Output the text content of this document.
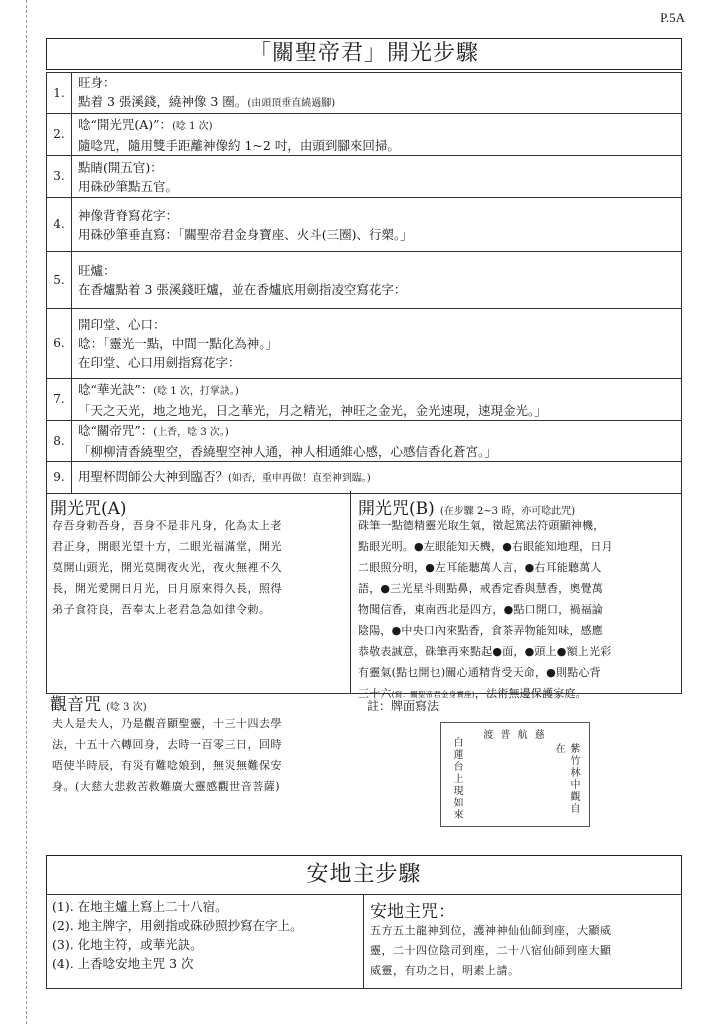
P.5A
「關聖帝君」開光步驟
1.	旺身：
點着 3 張溪錢，繞神像 3 圈。(由頭頂垂直繞過腳)

2.	唸“開光咒(A)”：(唸 1 次)
隨唸咒，隨用雙手距離神像約 1~2 吋，由頭到腳來回掃。

3.	點睛(開五官)：
用硃砂筆點五官。

4.	神像背脊寫花字：
用硃砂筆垂直寫：「關聖帝君金身寶座、火斗(三圈)、行槊。」

5.	旺爐：
在香爐點着 3 張溪錢旺爐，並在香爐底用劍指凌空寫花字：

6.	開印堂、心口：
唸：「靈光一點，中間一點化為神。」
在印堂、心口用劍指寫花字：

7.	唸“華光訣”：(唸 1 次，打掌訣。)
「天之天光，地之地光，日之華光，月之精光，神旺之金光，金光速現，速現金光。」

8.	唸“關帝咒”：(上香，唸 3 次。)
「柳柳清香繞聖空，香繞聖空神人通，神人相通維心感，心感信香化蒼宮。」

9.	用聖杯問師公大神到臨否？(如否，重申再做！直至神到臨。)
開光咒(A)
存吾身勅吾身，吾身不是非凡身，化為太上老
君正身，開眼光望十方，二眼光福滿堂，開光
莫開山頭光，開光莫開夜火光，夜火無裡不久
長，開光愛開日月光，日月原來得久長，照得
弟子食符良，吾奉太上老君急急如律令勅。
開光咒(B) (在步驟 2~3 時，亦可唸此咒)
硃筆一點德精靈光取生氣，徵起篤法符頭顯神機，
點眼光明。●左眼能知天機，●右眼能知地理，日月
二眼照分明，●左耳能聽萬人言，●右耳能聽萬人
語，●三光星斗則點鼻，戒香定香與慧香，奧覺萬
物聞信香，東南西北是四方，●點口開口，禍福論
陰陽，●中央口內來點香，食茶弄物能知味，感應
恭敬表誠意，硃筆再來點起●面，●頭上●額上光彩
有靈氣(點乜開乜)關心通精背受天命，●則點心背
三十六(寫：關聖帝君金身寶座)，法術無邊保護家庭。
觀音咒 (唸 3 次)
夫人是夫人，乃是觀音顯聖靈，十三十四去學
法，十五十六轉回身，去時一百零三日，回時
唔使半時辰，有災有難唸娘到，無災無難保安
身。(大慈大悲救苦救難廣大靈感觀世音菩薩)
註：牌面寫法
渡 普 航 慈
紫竹林中觀自在
白蓮台上現如來
安地主步驟
(1). 在地主爐上寫上二十八宿。
(2). 地主牌字，用劍指或硃砂照抄寫在字上。
(3). 化地主符，或華光訣。
(4). 上香唸安地主咒 3 次
安地主咒：
五方五土龍神到位，護神神仙仙師到座，大顯威
靈，二十四位陰司到座，二十八宿仙師到座大顯
威靈，有功之日，明素上請。
